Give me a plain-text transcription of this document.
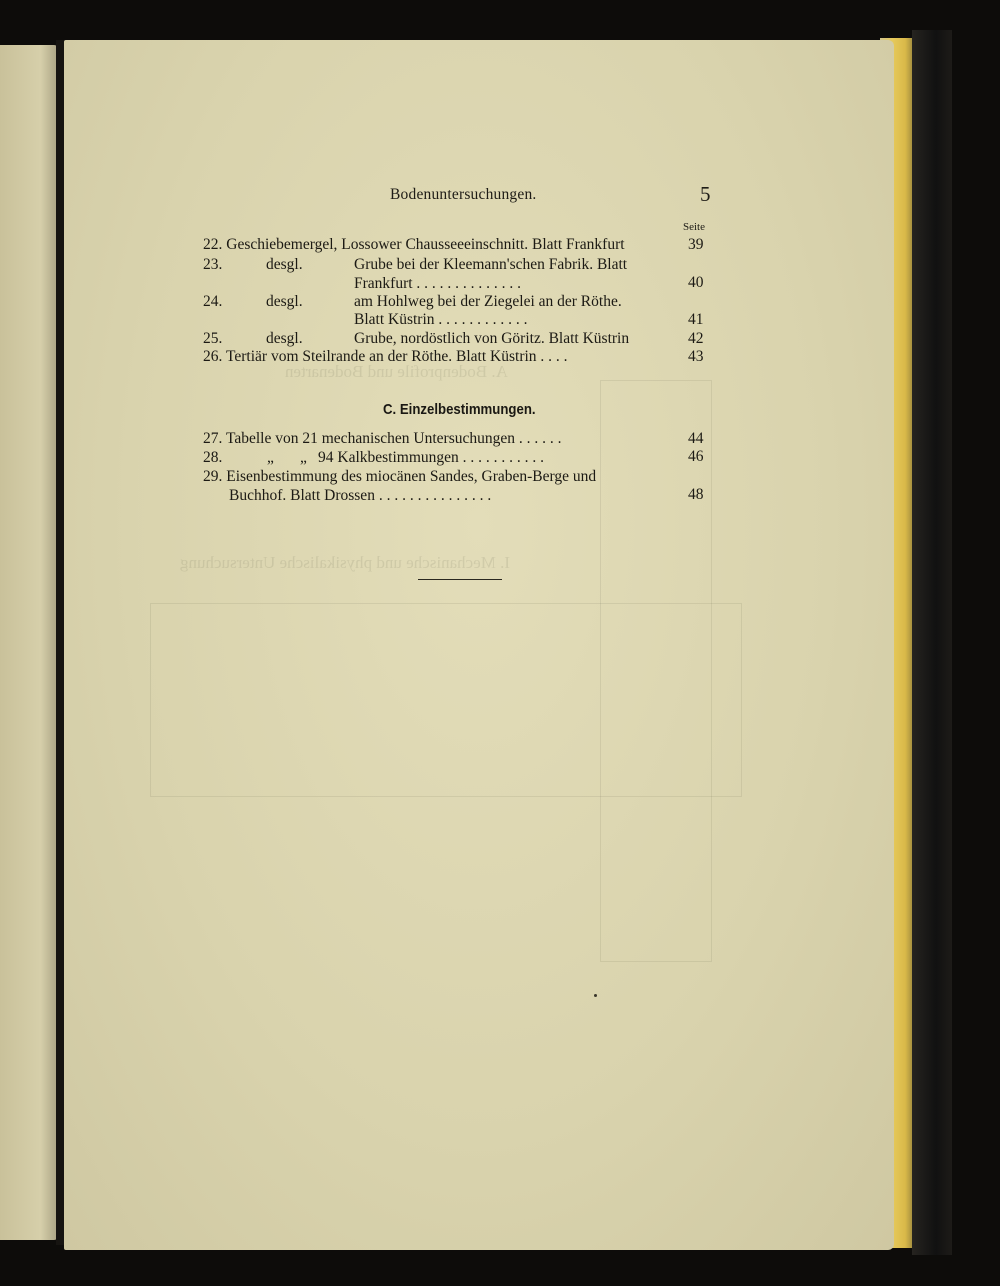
A. Bodenprofile und Bodenarten
I. Mechanische und physikalische Untersuchung
Bodenuntersuchungen.	5
Seite
22. Geschiebemergel, Lossower Chausseeeinschnitt. Blatt Frankfurt	39
23.	desgl.	Grube bei der Kleemann'schen Fabrik. Blatt
Frankfurt . . . . . . . . . . . . . .	40
24.	desgl.	am Hohlweg bei der Ziegelei an der Röthe.
Blatt Küstrin . . . . . . . . . . . .	41
25.	desgl.	Grube, nordöstlich von Göritz. Blatt Küstrin	42
26. Tertiär vom Steilrande an der Röthe. Blatt Küstrin . . . .	43
C. Einzelbestimmungen.
27. Tabelle von 21 mechanischen Untersuchungen . . . . . .	44
28.	„ „ 94 Kalkbestimmungen . . . . . . . . . . .	46
29. Eisenbestimmung des miocänen Sandes, Graben-Berge und
Buchhof. Blatt Drossen . . . . . . . . . . . . . . .	48
